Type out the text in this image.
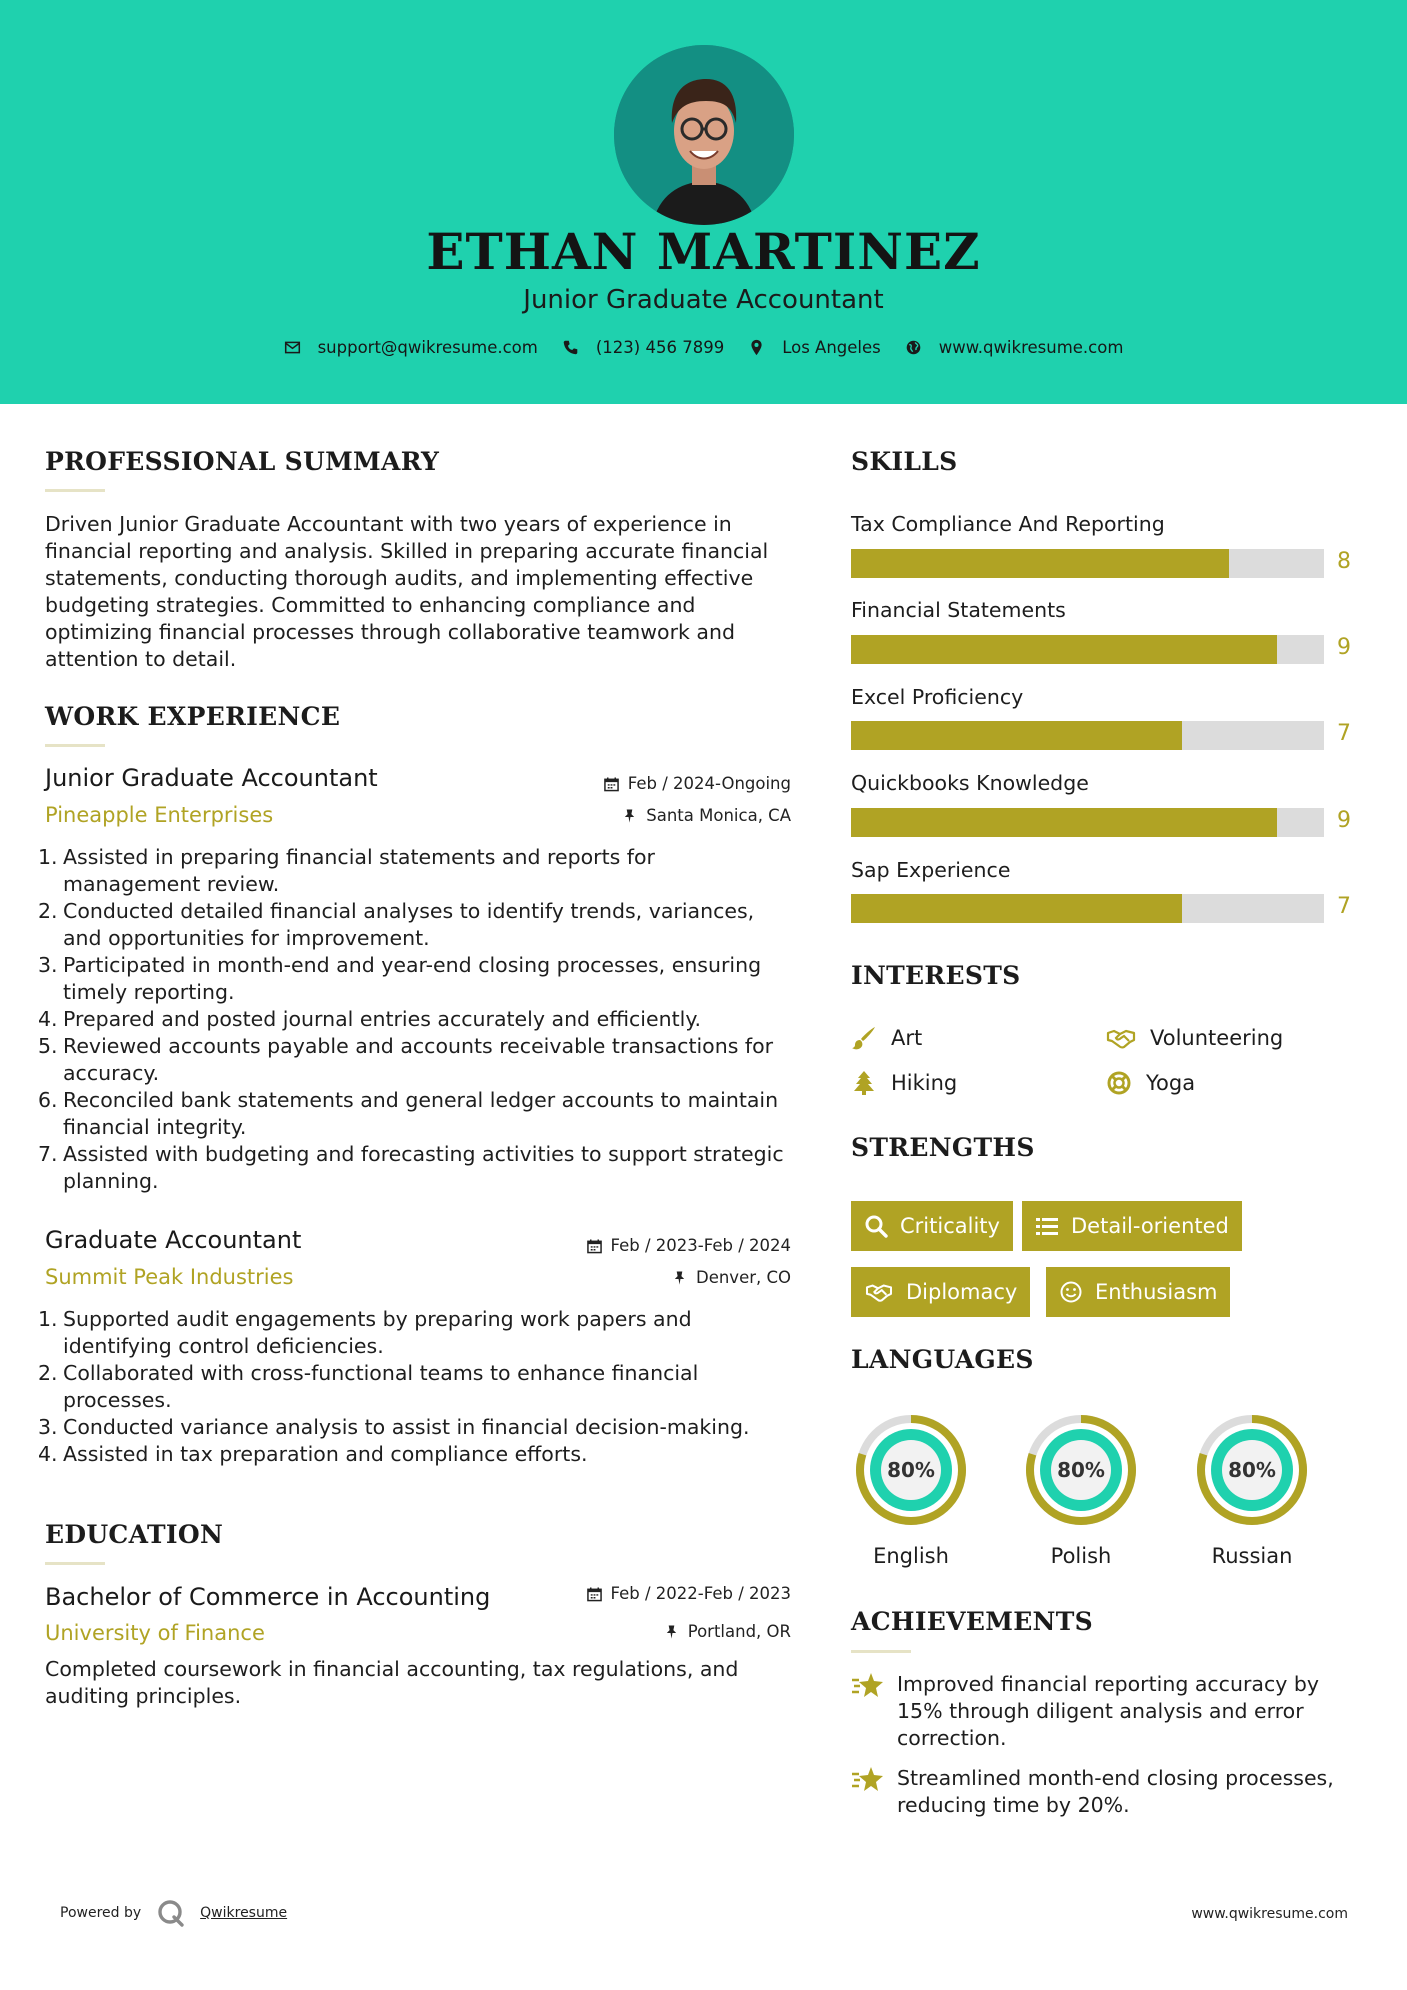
ETHAN MARTINEZ
Junior Graduate Accountant
support@qwikresume.com	(123) 456 7899	Los Angeles	www.qwikresume.com
PROFESSIONAL SUMMARY
Driven Junior Graduate Accountant with two years of experience in financial reporting and analysis. Skilled in preparing accurate financial statements, conducting thorough audits, and implementing effective budgeting strategies. Committed to enhancing compliance and optimizing financial processes through collaborative teamwork and attention to detail.
WORK EXPERIENCE
Junior Graduate Accountant	Feb / 2024-Ongoing
Pineapple Enterprises	Santa Monica, CA
Assisted in preparing financial statements and reports for management review.
Conducted detailed financial analyses to identify trends, variances, and opportunities for improvement.
Participated in month-end and year-end closing processes, ensuring timely reporting.
Prepared and posted journal entries accurately and efficiently.
Reviewed accounts payable and accounts receivable transactions for accuracy.
Reconciled bank statements and general ledger accounts to maintain financial integrity.
Assisted with budgeting and forecasting activities to support strategic planning.
Graduate Accountant	Feb / 2023-Feb / 2024
Summit Peak Industries	Denver, CO
Supported audit engagements by preparing work papers and identifying control deficiencies.
Collaborated with cross-functional teams to enhance financial processes.
Conducted variance analysis to assist in financial decision-making.
Assisted in tax preparation and compliance efforts.
EDUCATION
Bachelor of Commerce in Accounting	Feb / 2022-Feb / 2023
University of Finance	Portland, OR
Completed coursework in financial accounting, tax regulations, and auditing principles.
SKILLS
Tax Compliance And Reporting
8
Financial Statements
9
Excel Proficiency
7
Quickbooks Knowledge
9
Sap Experience
7
INTERESTS
Art	Volunteering
Hiking	Yoga
STRENGTHS
Criticality	Detail-oriented
Diplomacy	Enthusiasm
LANGUAGES
80%
English
80%
Polish
80%
Russian
ACHIEVEMENTS
Improved financial reporting accuracy by 15% through diligent analysis and error correction.
Streamlined month-end closing processes, reducing time by 20%.
Powered by	Qwikresume	www.qwikresume.com
